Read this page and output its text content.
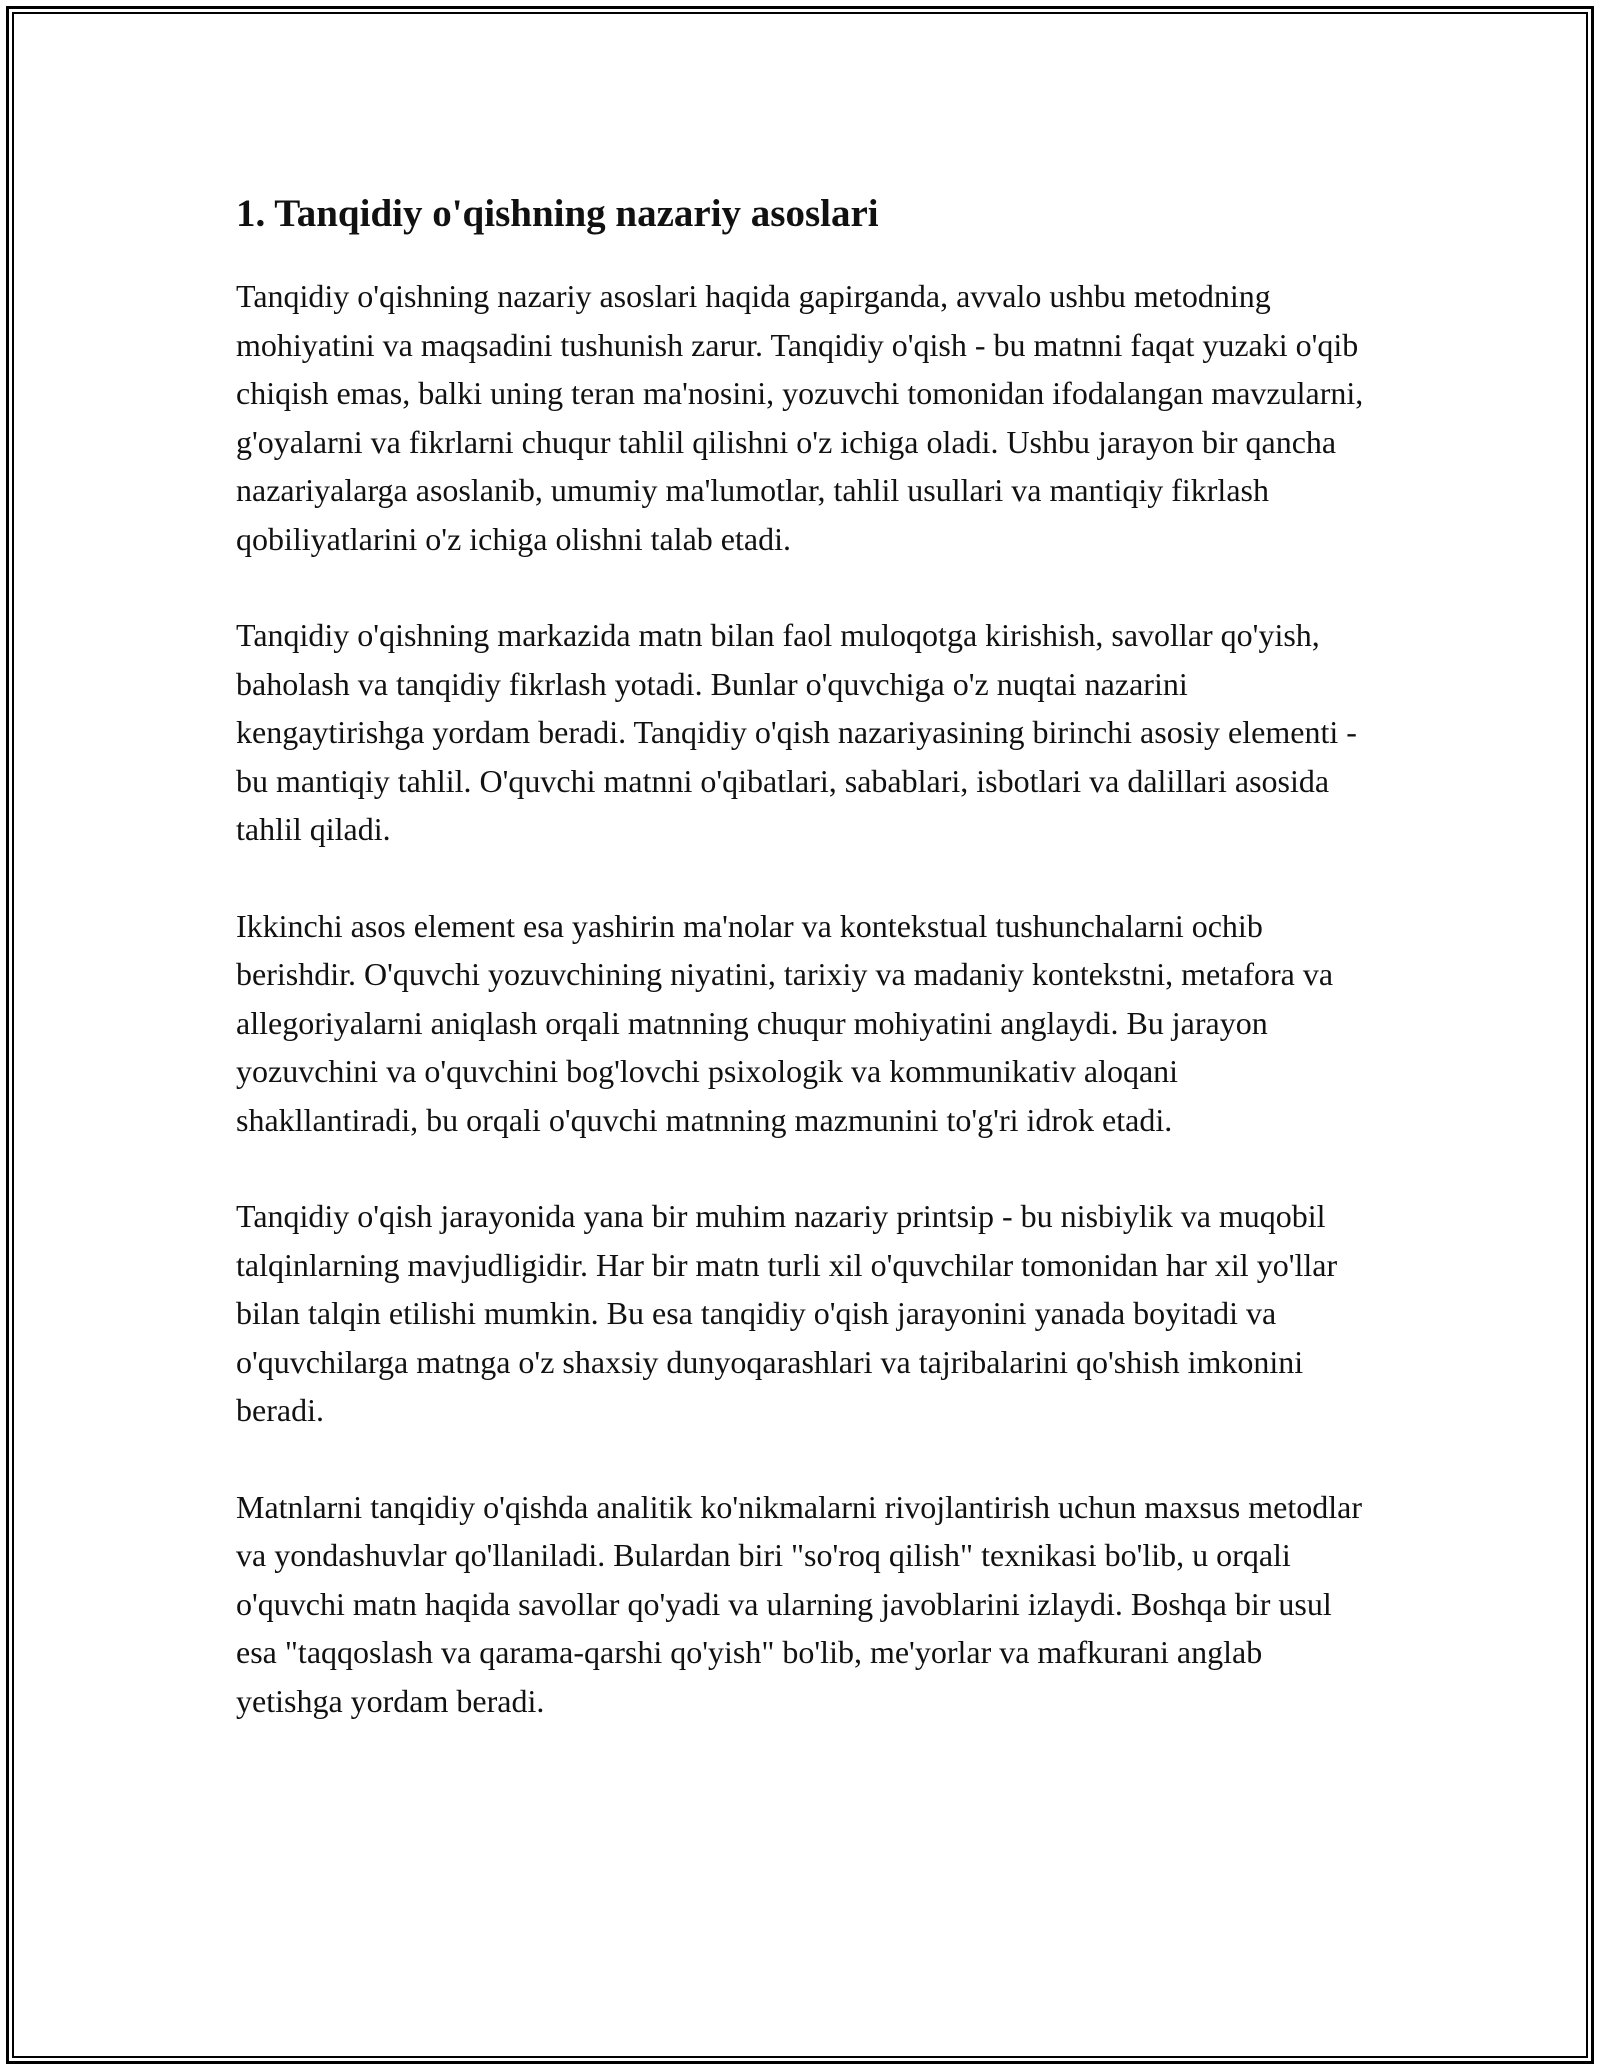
1. Tanqidiy o'qishning nazariy asoslari

Tanqidiy o'qishning nazariy asoslari haqida gapirganda, avvalo ushbu metodning mohiyatini va maqsadini tushunish zarur. Tanqidiy o'qish - bu matnni faqat yuzaki o'qib chiqish emas, balki uning teran ma'nosini, yozuvchi tomonidan ifodalangan mavzularni, g'oyalarni va fikrlarni chuqur tahlil qilishni o'z ichiga oladi. Ushbu jarayon bir qancha nazariyalarga asoslanib, umumiy ma'lumotlar, tahlil usullari va mantiqiy fikrlash qobiliyatlarini o'z ichiga olishni talab etadi.

Tanqidiy o'qishning markazida matn bilan faol muloqotga kirishish, savollar qo'yish, baholash va tanqidiy fikrlash yotadi. Bunlar o'quvchiga o'z nuqtai nazarini kengaytirishga yordam beradi. Tanqidiy o'qish nazariyasining birinchi asosiy elementi - bu mantiqiy tahlil. O'quvchi matnni o'qibatlari, sabablari, isbotlari va dalillari asosida tahlil qiladi.

Ikkinchi asos element esa yashirin ma'nolar va kontekstual tushunchalarni ochib berishdir. O'quvchi yozuvchining niyatini, tarixiy va madaniy kontekstni, metafora va allegoriyalarni aniqlash orqali matnning chuqur mohiyatini anglaydi. Bu jarayon yozuvchini va o'quvchini bog'lovchi psixologik va kommunikativ aloqani shakllantiradi, bu orqali o'quvchi matnning mazmunini to'g'ri idrok etadi.

Tanqidiy o'qish jarayonida yana bir muhim nazariy printsip - bu nisbiylik va muqobil talqinlarning mavjudligidir. Har bir matn turli xil o'quvchilar tomonidan har xil yo'llar bilan talqin etilishi mumkin. Bu esa tanqidiy o'qish jarayonini yanada boyitadi va o'quvchilarga matnga o'z shaxsiy dunyoqarashlari va tajribalarini qo'shish imkonini beradi.

Matnlarni tanqidiy o'qishda analitik ko'nikmalarni rivojlantirish uchun maxsus metodlar va yondashuvlar qo'llaniladi. Bulardan biri "so'roq qilish" texnikasi bo'lib, u orqali o'quvchi matn haqida savollar qo'yadi va ularning javoblarini izlaydi. Boshqa bir usul esa "taqqoslash va qarama-qarshi qo'yish" bo'lib, me'yorlar va mafkurani anglab yetishga yordam beradi.
